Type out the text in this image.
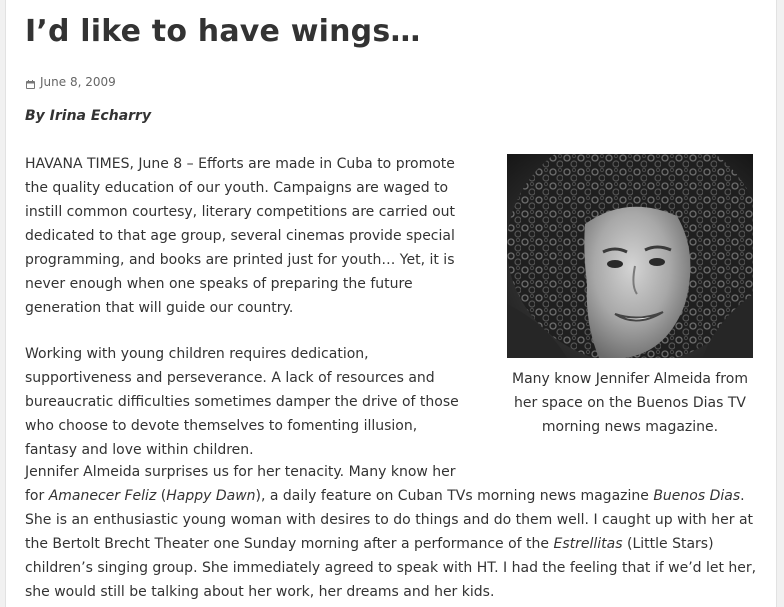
I’d like to have wings…
June 8, 2009
By Irina Echarry

HAVANA TIMES, June 8 – Efforts are made in Cuba to promote the quality education of our youth. Campaigns are waged to instill common courtesy, literary competitions are carried out dedicated to that age group, several cinemas provide special programming, and books are printed just for youth… Yet, it is never enough when one speaks of preparing the future generation that will guide our country.

Many know Jennifer Almeida from her space on the Buenos Dias TV morning news magazine.

Working with young children requires dedication, supportiveness and perseverance. A lack of resources and bureaucratic difficulties sometimes damper the drive of those who choose to devote themselves to fomenting illusion, fantasy and love within children.

Jennifer Almeida surprises us for her tenacity. Many know her
for Amanecer Feliz (Happy Dawn), a daily feature on Cuban TVs morning news magazine Buenos Dias. She is an enthusiastic young woman with desires to do things and do them well. I caught up with her at the Bertolt Brecht Theater one Sunday morning after a performance of the Estrellitas (Little Stars) children’s singing group. She immediately agreed to speak with HT. I had the feeling that if we’d let her, she would still be talking about her work, her dreams and her kids.
